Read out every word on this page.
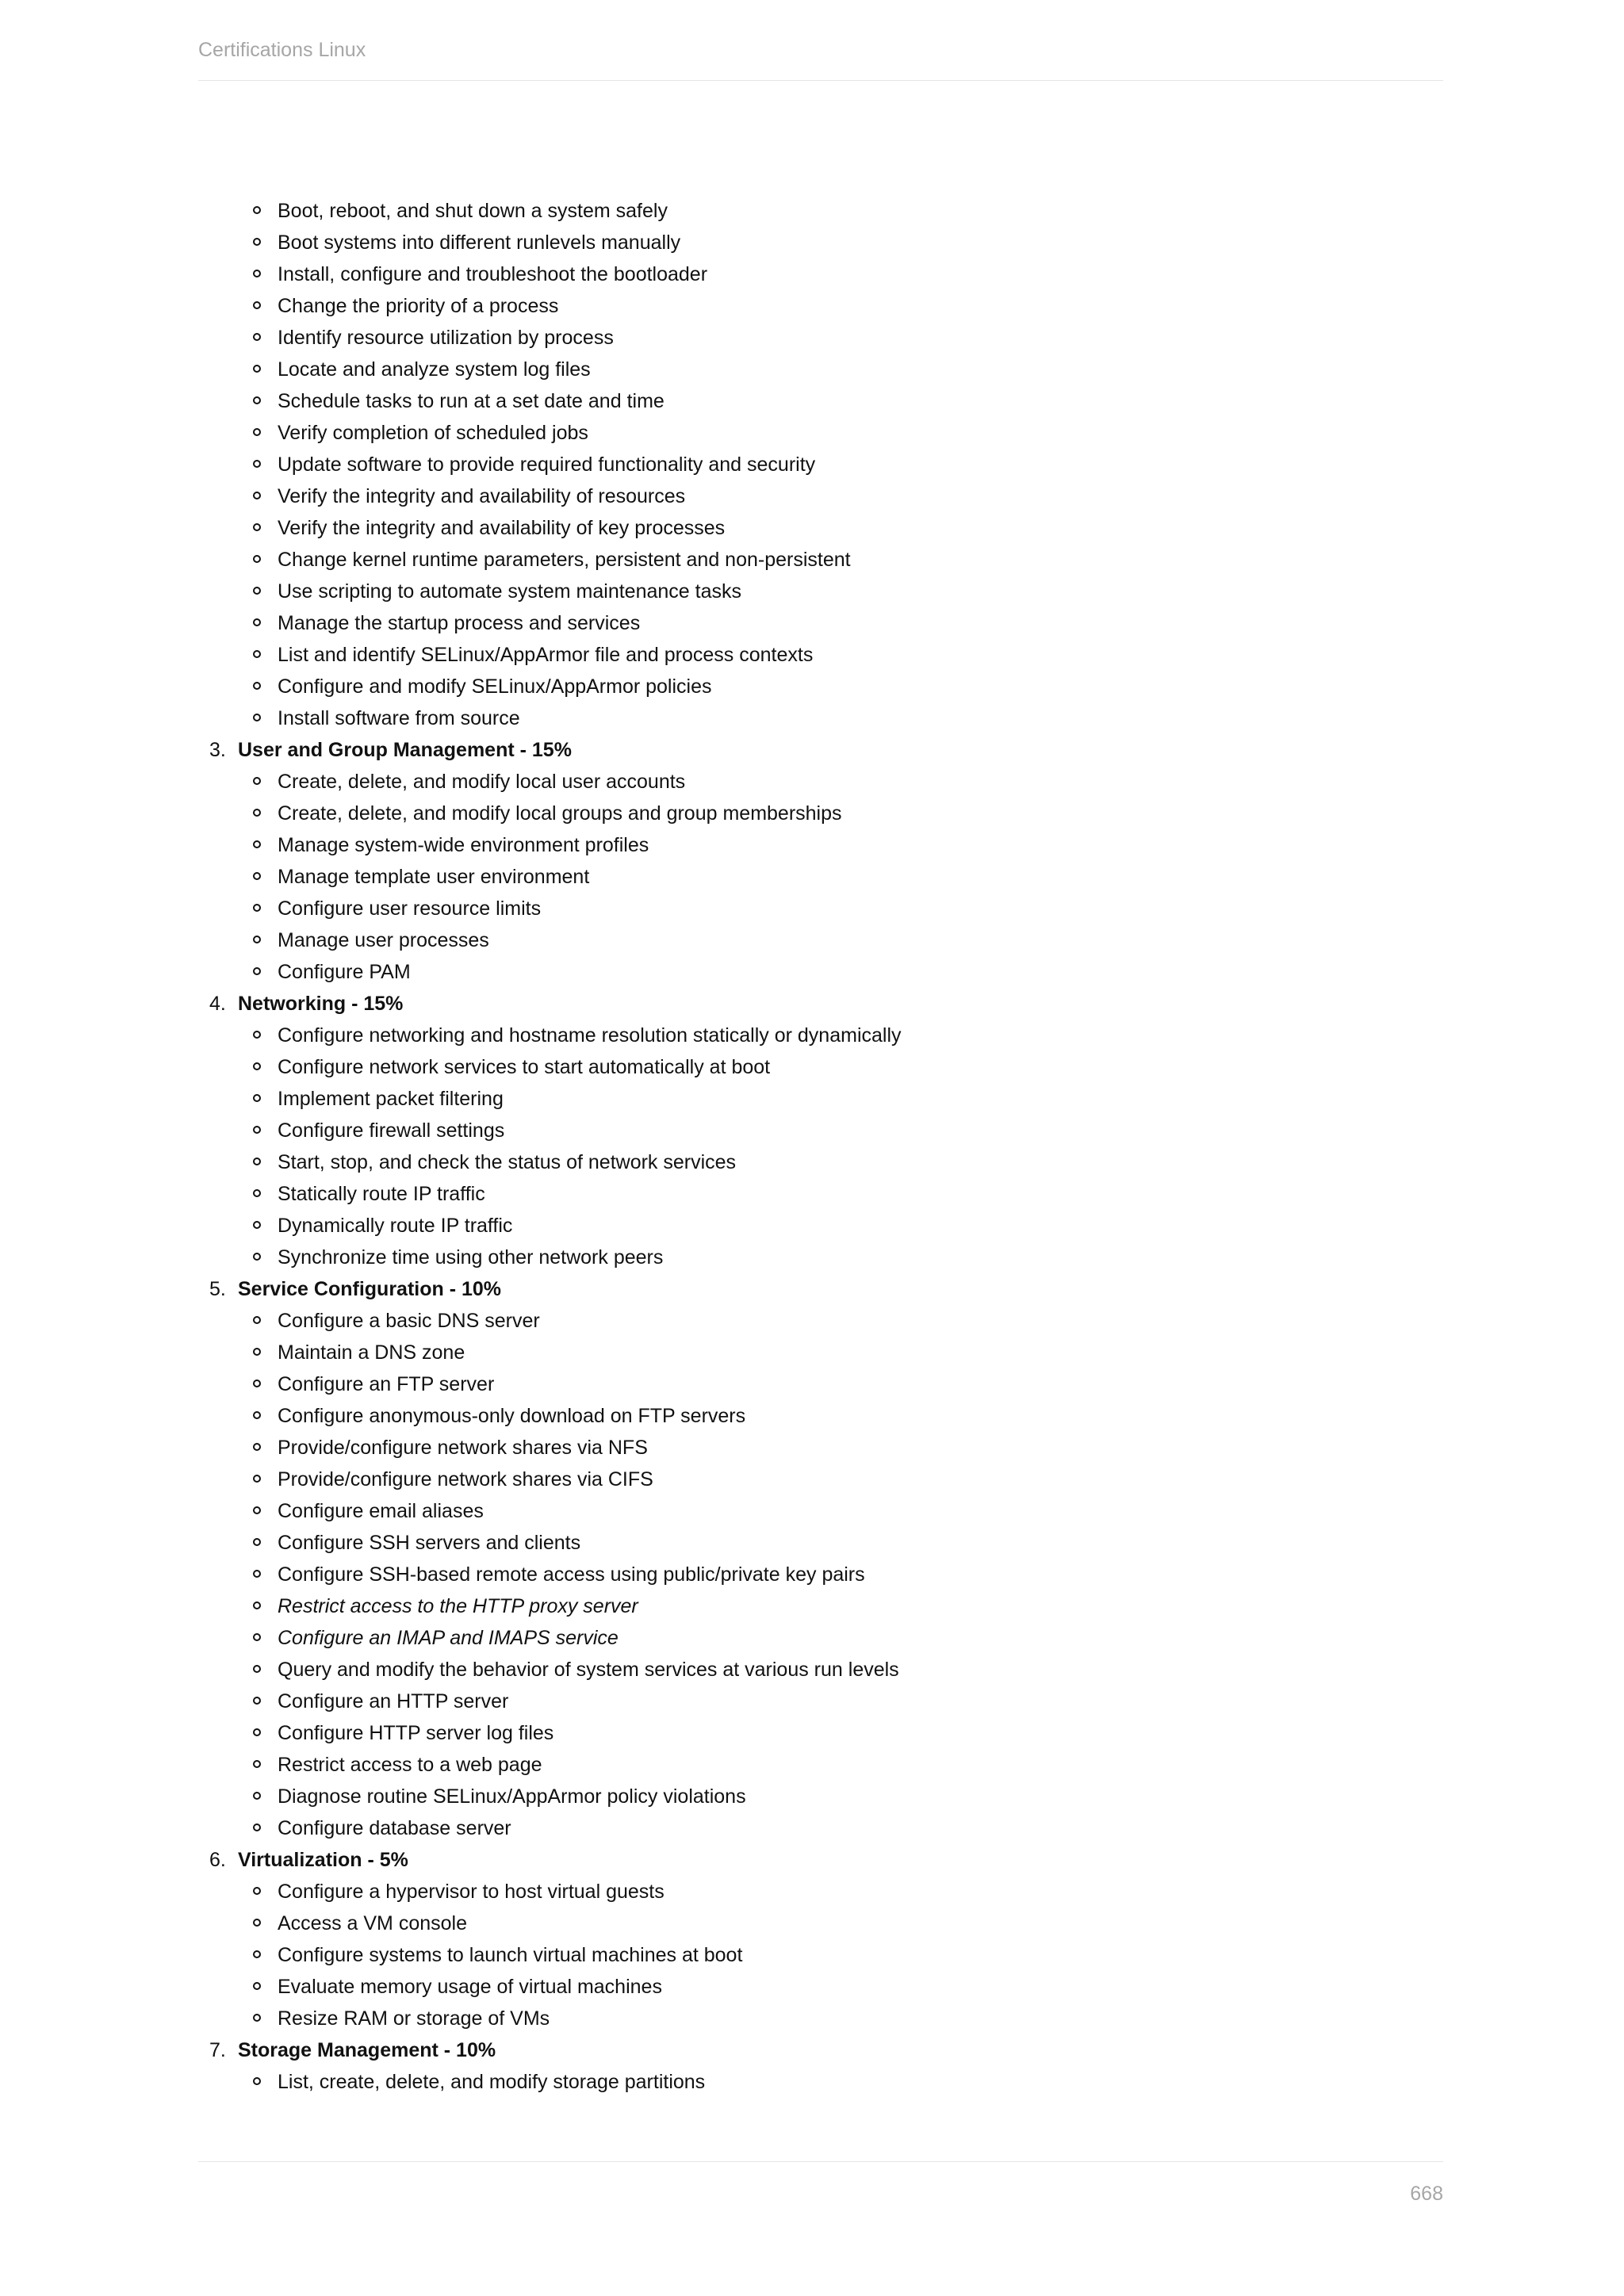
Certifications Linux
Boot, reboot, and shut down a system safely
Boot systems into different runlevels manually
Install, configure and troubleshoot the bootloader
Change the priority of a process
Identify resource utilization by process
Locate and analyze system log files
Schedule tasks to run at a set date and time
Verify completion of scheduled jobs
Update software to provide required functionality and security
Verify the integrity and availability of resources
Verify the integrity and availability of key processes
Change kernel runtime parameters, persistent and non-persistent
Use scripting to automate system maintenance tasks
Manage the startup process and services
List and identify SELinux/AppArmor file and process contexts
Configure and modify SELinux/AppArmor policies
Install software from source
3. User and Group Management - 15%
Create, delete, and modify local user accounts
Create, delete, and modify local groups and group memberships
Manage system-wide environment profiles
Manage template user environment
Configure user resource limits
Manage user processes
Configure PAM
4. Networking - 15%
Configure networking and hostname resolution statically or dynamically
Configure network services to start automatically at boot
Implement packet filtering
Configure firewall settings
Start, stop, and check the status of network services
Statically route IP traffic
Dynamically route IP traffic
Synchronize time using other network peers
5. Service Configuration - 10%
Configure a basic DNS server
Maintain a DNS zone
Configure an FTP server
Configure anonymous-only download on FTP servers
Provide/configure network shares via NFS
Provide/configure network shares via CIFS
Configure email aliases
Configure SSH servers and clients
Configure SSH-based remote access using public/private key pairs
Restrict access to the HTTP proxy server
Configure an IMAP and IMAPS service
Query and modify the behavior of system services at various run levels
Configure an HTTP server
Configure HTTP server log files
Restrict access to a web page
Diagnose routine SELinux/AppArmor policy violations
Configure database server
6. Virtualization - 5%
Configure a hypervisor to host virtual guests
Access a VM console
Configure systems to launch virtual machines at boot
Evaluate memory usage of virtual machines
Resize RAM or storage of VMs
7. Storage Management - 10%
List, create, delete, and modify storage partitions
668
